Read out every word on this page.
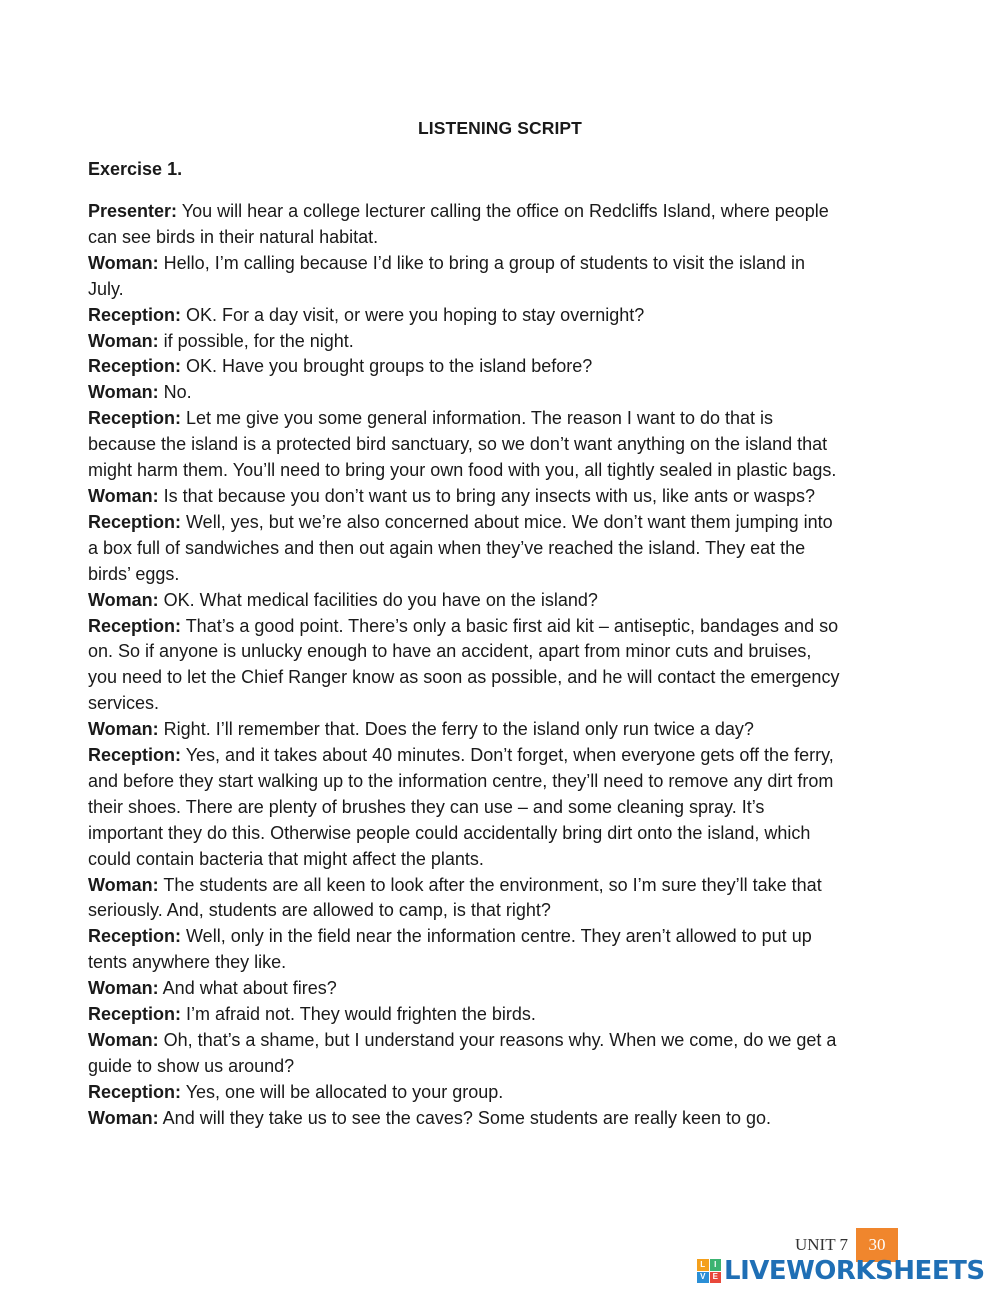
LISTENING SCRIPT
Exercise 1.

Presenter: You will hear a college lecturer calling the office on Redcliffs Island, where people

can see birds in their natural habitat.

Woman: Hello, I’m calling because I’d like to bring a group of students to visit the island in

July.

Reception: OK. For a day visit, or were you hoping to stay overnight?

Woman: if possible, for the night.

Reception: OK. Have you brought groups to the island before?

Woman: No.

Reception: Let me give you some general information. The reason I want to do that is

because the island is a protected bird sanctuary, so we don’t want anything on the island that

might harm them. You’ll need to bring your own food with you, all tightly sealed in plastic bags.

Woman: Is that because you don’t want us to bring any insects with us, like ants or wasps?

Reception: Well, yes, but we’re also concerned about mice. We don’t want them jumping into

a box full of sandwiches and then out again when they’ve reached the island. They eat the

birds’ eggs.

Woman: OK. What medical facilities do you have on the island?

Reception: That’s a good point. There’s only a basic first aid kit – antiseptic, bandages and so

on. So if anyone is unlucky enough to have an accident, apart from minor cuts and bruises,

you need to let the Chief Ranger know as soon as possible, and he will contact the emergency

services.

Woman: Right. I’ll remember that. Does the ferry to the island only run twice a day?

Reception: Yes, and it takes about 40 minutes. Don’t forget, when everyone gets off the ferry,

and before they start walking up to the information centre, they’ll need to remove any dirt from

their shoes. There are plenty of brushes they can use – and some cleaning spray. It’s

important they do this. Otherwise people could accidentally bring dirt onto the island, which

could contain bacteria that might affect the plants.

Woman: The students are all keen to look after the environment, so I’m sure they’ll take that

seriously. And, students are allowed to camp, is that right?

Reception: Well, only in the field near the information centre. They aren’t allowed to put up

tents anywhere they like.

Woman: And what about fires?

Reception: I’m afraid not. They would frighten the birds.

Woman: Oh, that’s a shame, but I understand your reasons why. When we come, do we get a

guide to show us around?

Reception: Yes, one will be allocated to your group.

Woman: And will they take us to see the caves? Some students are really keen to go.

UNIT 7	30
L	I
V E LIVEWORKSHEETS
